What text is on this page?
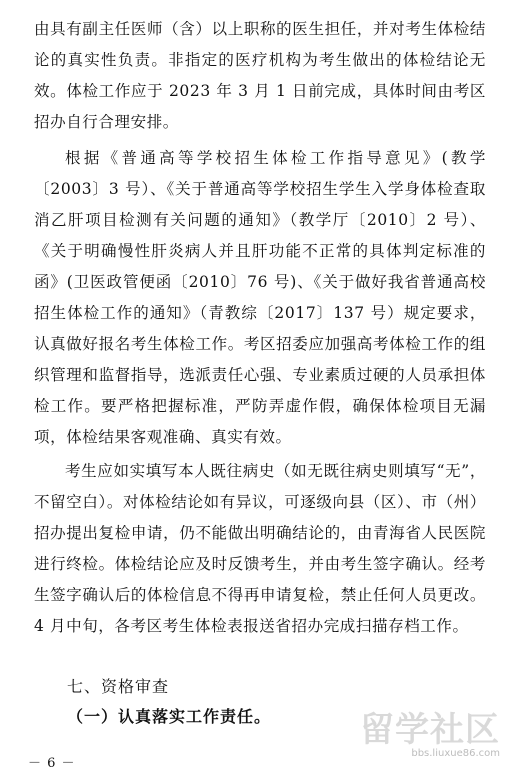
由具有副主任医师（含）以上职称的医生担任，并对考生体检结论的真实性负责。非指定的医疗机构为考生做出的体检结论无效。体检工作应于 2023 年 3 月 1 日前完成，具体时间由考区招办自行合理安排。

根据《普通高等学校招生体检工作指导意见》(教学〔2003〕3 号）、《关于普通高等学校招生学生入学身体检查取消乙肝项目检测有关问题的通知》（教学厅〔2010〕2 号）、《关于明确慢性肝炎病人并且肝功能不正常的具体判定标准的函》(卫医政管便函〔2010〕76 号)、《关于做好我省普通高校招生体检工作的通知》（青教综〔2017〕137 号）规定要求，认真做好报名考生体检工作。考区招委应加强高考体检工作的组织管理和监督指导，选派责任心强、专业素质过硬的人员承担体检工作。要严格把握标准，严防弄虚作假，确保体检项目无漏项，体检结果客观准确、真实有效。

考生应如实填写本人既往病史（如无既往病史则填写“无”，不留空白）。对体检结论如有异议，可逐级向县（区）、市（州）招办提出复检申请，仍不能做出明确结论的，由青海省人民医院进行终检。体检结论应及时反馈考生，并由考生签字确认。经考生签字确认后的体检信息不得再申请复检，禁止任何人员更改。4 月中旬，各考区考生体检表报送省招办完成扫描存档工作。

七、资格审查
（一）认真落实工作责任。
－ 6 －
留学社区
bbs.liuxue86.com
